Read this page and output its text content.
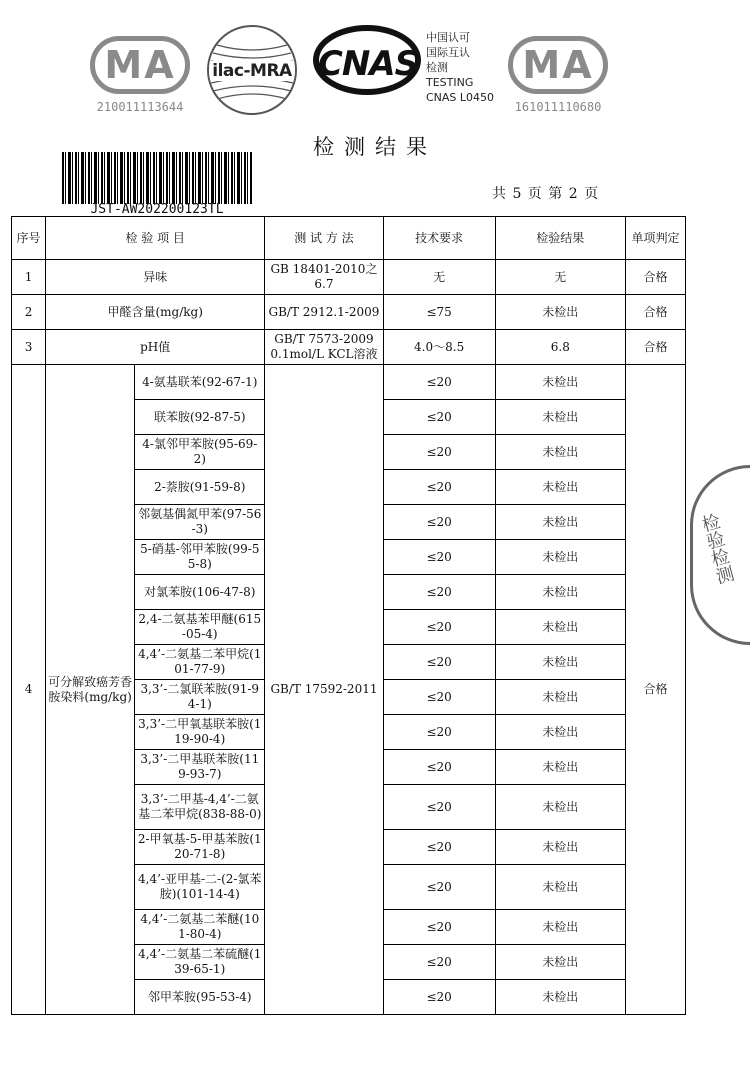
MA
210011113644
ilac-MRA CNAS
中国认可
国际互认
检测
TESTING
CNAS L0450
MA
161011110680
检测结果
JST-AW202200123TL
共 5 页 第 2 页
检验检测
序号	检 验 项 目		测 试 方 法	技术要求	检验结果	单项判定
1	异味		GB 18401-2010之6.7	无	无	合格
2	甲醛含量(mg/kg)		GB/T 2912.1-2009	≤75	未检出	合格
3	pH值		GB/T 7573-2009 0.1mol/L KCL溶液	4.0～8.5	6.8	合格
4	可分解致癌芳香胺染料(mg/kg)	4-氨基联苯(92-67-1)	GB/T 17592-2011	≤20	未检出	合格
		联苯胺(92-87-5)		≤20	未检出	
		4-氯邻甲苯胺(95-69-2)		≤20	未检出	
		2-萘胺(91-59-8)		≤20	未检出	
		邻氨基偶氮甲苯(97-56-3)		≤20	未检出	
		5-硝基-邻甲苯胺(99-55-8)		≤20	未检出	
		对氯苯胺(106-47-8)		≤20	未检出	
		2,4-二氨基苯甲醚(615-05-4)		≤20	未检出	
		4,4’-二氨基二苯甲烷(101-77-9)		≤20	未检出	
		3,3’-二氯联苯胺(91-94-1)		≤20	未检出	
		3,3’-二甲氧基联苯胺(119-90-4)		≤20	未检出	
		3,3’-二甲基联苯胺(119-93-7)		≤20	未检出	
		3,3’-二甲基-4,4’-二氨基二苯甲烷(838-88-0)		≤20	未检出	
		2-甲氧基-5-甲基苯胺(120-71-8)		≤20	未检出	
		4,4’-亚甲基-二-(2-氯苯胺)(101-14-4)		≤20	未检出	
		4,4’-二氨基二苯醚(101-80-4)		≤20	未检出	
		4,4’-二氨基二苯硫醚(139-65-1)		≤20	未检出	
		邻甲苯胺(95-53-4)		≤20	未检出	
